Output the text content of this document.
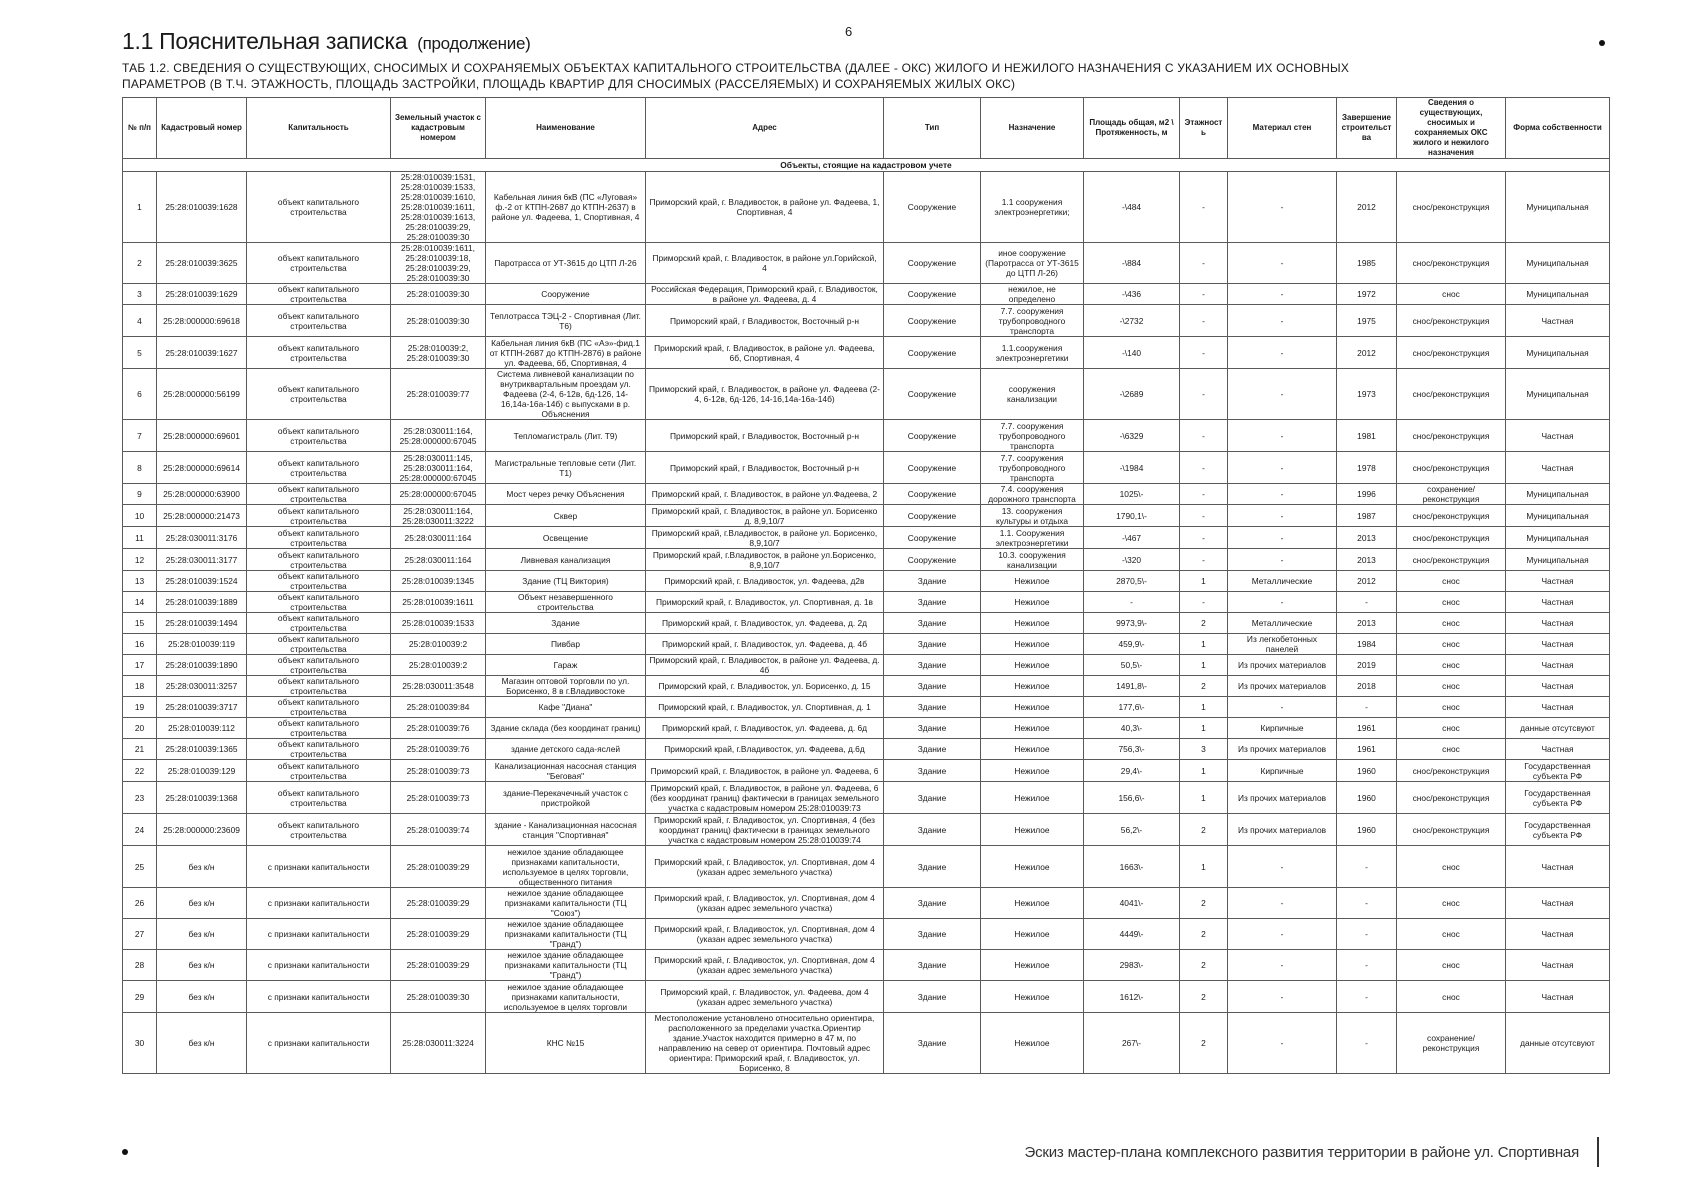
6
1.1 Пояснительная записка (продолжение)
ТАБ 1.2. СВЕДЕНИЯ О СУЩЕСТВУЮЩИХ, СНОСИМЫХ И СОХРАНЯЕМЫХ ОБЪЕКТАХ КАПИТАЛЬНОГО СТРОИТЕЛЬСТВА (ДАЛЕЕ - ОКС) ЖИЛОГО И НЕЖИЛОГО НАЗНАЧЕНИЯ С УКАЗАНИЕМ ИХ ОСНОВНЫХ ПАРАМЕТРОВ (В Т.Ч. ЭТАЖНОСТЬ, ПЛОЩАДЬ ЗАСТРОЙКИ, ПЛОЩАДЬ КВАРТИР ДЛЯ СНОСИМЫХ (РАССЕЛЯЕМЫХ) И СОХРАНЯЕМЫХ ЖИЛЫХ ОКС)
№ п/п	Кадастровый номер	Капитальность	Земельный участок с кадастровым номером	Наименование	Адрес	Тип	Назначение	Площадь общая, м2 \ Протяженность, м	Этажность	Материал стен	Завершение строительства	Сведения о существующих, сносимых и сохраняемых ОКС жилого и нежилого назначения	Форма собственности
Объекты, стоящие на кадастровом учете													
1	25:28:010039:1628	объект капитального строительства	25:28:010039:1531, 25:28:010039:1533, 25:28:010039:1610, 25:28:010039:1611, 25:28:010039:1613, 25:28:010039:29, 25:28:010039:30	Кабельная линия 6кВ (ПС «Луговая» ф.-2 от КТПН-2687 до КТПН-2637) в районе ул. Фадеева, 1, Спортивная, 4	Приморский край, г. Владивосток, в районе ул. Фадеева, 1, Спортивная, 4	Сооружение	1.1 сооружения электроэнергетики;	-\484	-	-	2012	снос/реконструкция	Муниципальная
2	25:28:010039:3625	объект капитального строительства	25:28:010039:1611, 25:28:010039:18, 25:28:010039:29, 25:28:010039:30	Паротрасса от УТ-3615 до ЦТП Л-26	Приморский край, г. Владивосток, в районе ул.Горийской, 4	Сооружение	иное сооружение (Паротрасса от УТ-3615 до ЦТП Л-26)	-\884	-	-	1985	снос/реконструкция	Муниципальная
3	25:28:010039:1629	объект капитального строительства	25:28:010039:30	Сооружение	Российская Федерация, Приморский край, г. Владивосток, в районе ул. Фадеева, д. 4	Сооружение	нежилое, не определено	-\436	-	-	1972	снос	Муниципальная
4	25:28:000000:69618	объект капитального строительства	25:28:010039:30	Теплотрасса ТЭЦ-2 - Спортивная (Лит. Т6)	Приморский край, г Владивосток, Восточный р-н	Сооружение	7.7. сооружения трубопроводного транспорта	-\2732	-	-	1975	снос/реконструкция	Частная
5	25:28:010039:1627	объект капитального строительства	25:28:010039:2, 25:28:010039:30	Кабельная линия 6кВ (ПС «Аэ»-фид.1 от КТПН-2687 до КТПН-2876) в районе ул. Фадеева, 6б, Спортивная, 4	Приморский край, г. Владивосток, в районе ул. Фадеева, 6б, Спортивная, 4	Сооружение	1.1.сооружения электроэнергетики	-\140	-	-	2012	снос/реконструкция	Муниципальная
6	25:28:000000:56199	объект капитального строительства	25:28:010039:77	Система ливневой канализации по внутриквартальным проездам ул. Фадеева (2-4, 6-12в, 6д-126, 14-16,14а-16а-14б) с выпусками в р. Объяснения	Приморский край, г. Владивосток, в районе ул. Фадеева (2-4, 6-12в, 6д-126, 14-16,14а-16а-14б)	Сооружение	сооружения канализации	-\2689	-	-	1973	снос/реконструкция	Муниципальная
7	25:28:000000:69601	объект капитального строительства	25:28:030011:164, 25:28:000000:67045	Тепломагистраль (Лит. Т9)	Приморский край, г Владивосток, Восточный р-н	Сооружение	7.7. сооружения трубопроводного транспорта	-\6329	-	-	1981	снос/реконструкция	Частная
8	25:28:000000:69614	объект капитального строительства	25:28:030011:145, 25:28:030011:164, 25:28:000000:67045	Магистральные тепловые сети (Лит. Т1)	Приморский край, г Владивосток, Восточный р-н	Сооружение	7.7. сооружения трубопроводного транспорта	-\1984	-	-	1978	снос/реконструкция	Частная
9	25:28:000000:63900	объект капитального строительства	25:28:000000:67045	Мост через речку Объяснения	Приморский край, г. Владивосток, в районе ул.Фадеева, 2	Сооружение	7.4. сооружения дорожного транспорта	1025\-	-	-	1996	сохранение/реконструкция	Муниципальная
10	25:28:000000:21473	объект капитального строительства	25:28:030011:164, 25:28:030011:3222	Сквер	Приморский край, г. Владивосток, в районе ул. Борисенко д. 8,9,10/7	Сооружение	13. сооружения культуры и отдыха	1790,1\-	-	-	1987	снос/реконструкция	Муниципальная
11	25:28:030011:3176	объект капитального строительства	25:28:030011:164	Освещение	Приморский край, г.Владивосток, в районе ул. Борисенко, 8,9,10/7	Сооружение	1.1. Сооружения электроэнергетики	-\467	-	-	2013	снос/реконструкция	Муниципальная
12	25:28:030011:3177	объект капитального строительства	25:28:030011:164	Ливневая канализация	Приморский край, г.Владивосток, в районе ул.Борисенко, 8,9,10/7	Сооружение	10.3. сооружения канализации	-\320	-	-	2013	снос/реконструкция	Муниципальная
13	25:28:010039:1524	объект капитального строительства	25:28:010039:1345	Здание (ТЦ Виктория)	Приморский край, г. Владивосток, ул. Фадеева, д2в	Здание	Нежилое	2870,5\-	1	Металлические	2012	снос	Частная
14	25:28:010039:1889	объект капитального строительства	25:28:010039:1611	Объект незавершенного строительства	Приморский край, г. Владивосток, ул. Спортивная, д. 1в	Здание	Нежилое	-	-	-	-	снос	Частная
15	25:28:010039:1494	объект капитального строительства	25:28:010039:1533	Здание	Приморский край, г. Владивосток, ул. Фадеева, д. 2д	Здание	Нежилое	9973,9\-	2	Металлические	2013	снос	Частная
16	25:28:010039:119	объект капитального строительства	25:28:010039:2	Пивбар	Приморский край, г. Владивосток, ул. Фадеева, д. 4б	Здание	Нежилое	459,9\-	1	Из легкобетонных панелей	1984	снос	Частная
17	25:28:010039:1890	объект капитального строительства	25:28:010039:2	Гараж	Приморский край, г. Владивосток, в районе ул. Фадеева, д. 4б	Здание	Нежилое	50,5\-	1	Из прочих материалов	2019	снос	Частная
18	25:28:030011:3257	объект капитального строительства	25:28:030011:3548	Магазин оптовой торговли по ул. Борисенко, 8 в г.Владивостоке	Приморский край, г. Владивосток, ул. Борисенко, д. 15	Здание	Нежилое	1491,8\-	2	Из прочих материалов	2018	снос	Частная
19	25:28:010039:3717	объект капитального строительства	25:28:010039:84	Кафе "Диана"	Приморский край, г. Владивосток, ул. Спортивная, д. 1	Здание	Нежилое	177,6\-	1	-	-	снос	Частная
20	25:28:010039:112	объект капитального строительства	25:28:010039:76	Здание склада (без координат границ)	Приморский край, г. Владивосток, ул. Фадеева, д. 6д	Здание	Нежилое	40,3\-	1	Кирпичные	1961	снос	данные отсутсвуют
21	25:28:010039:1365	объект капитального строительства	25:28:010039:76	здание детского сада-яслей	Приморский край, г.Владивосток, ул. Фадеева, д.6д	Здание	Нежилое	756,3\-	3	Из прочих материалов	1961	снос	Частная
22	25:28:010039:129	объект капитального строительства	25:28:010039:73	Канализационная насосная станция "Беговая"	Приморский край, г. Владивосток, в районе ул. Фадеева, 6	Здание	Нежилое	29,4\-	1	Кирпичные	1960	снос/реконструкция	Государственная субъекта РФ
23	25:28:010039:1368	объект капитального строительства	25:28:010039:73	здание-Перекачечный участок с пристройкой	Приморский край, г. Владивосток, в районе ул. Фадеева, 6 (без координат границ) фактически в границах земельного участка с кадастровым номером 25:28:010039:73	Здание	Нежилое	156,6\-	1	Из прочих материалов	1960	снос/реконструкция	Государственная субъекта РФ
24	25:28:000000:23609	объект капитального строительства	25:28:010039:74	здание - Канализационная насосная станция "Спортивная"	Приморский край, г. Владивосток, ул. Спортивная, 4 (без координат границ) фактически в границах земельного участка с кадастровым номером 25:28:010039:74	Здание	Нежилое	56,2\-	2	Из прочих материалов	1960	снос/реконструкция	Государственная субъекта РФ
25	без к/н	с признаки капитальности	25:28:010039:29	нежилое здание обладающее признаками капитальности, используемое в целях торговли, общественного питания	Приморский край, г. Владивосток, ул. Спортивная, дом 4 (указан адрес земельного участка)	Здание	Нежилое	1663\-	1	-	-	снос	Частная
26	без к/н	с признаки капитальности	25:28:010039:29	нежилое здание обладающее признаками капитальности (ТЦ "Союз")	Приморский край, г. Владивосток, ул. Спортивная, дом 4 (указан адрес земельного участка)	Здание	Нежилое	4041\-	2	-	-	снос	Частная
27	без к/н	с признаки капитальности	25:28:010039:29	нежилое здание обладающее признаками капитальности (ТЦ "Гранд")	Приморский край, г. Владивосток, ул. Спортивная, дом 4 (указан адрес земельного участка)	Здание	Нежилое	4449\-	2	-	-	снос	Частная
28	без к/н	с признаки капитальности	25:28:010039:29	нежилое здание обладающее признаками капитальности (ТЦ "Гранд")	Приморский край, г. Владивосток, ул. Спортивная, дом 4 (указан адрес земельного участка)	Здание	Нежилое	2983\-	2	-	-	снос	Частная
29	без к/н	с признаки капитальности	25:28:010039:30	нежилое здание обладающее признаками капитальности, используемое в целях торговли	Приморский край, г. Владивосток, ул. Фадеева, дом 4 (указан адрес земельного участка)	Здание	Нежилое	1612\-	2	-	-	снос	Частная
30	без к/н	с признаки капитальности	25:28:030011:3224	КНС №15	Местоположение установлено относительно ориентира, расположенного за пределами участка.Ориентир здание.Участок находится примерно в 47 м, по направлению на север от ориентира. Почтовый адрес ориентира: Приморский край, г. Владивосток, ул. Борисенко, 8	Здание	Нежилое	267\-	2	-	-	сохранение/реконструкция	данные отсутсвуют
Эскиз мастер-плана комплексного развития территории в районе ул. Спортивная
